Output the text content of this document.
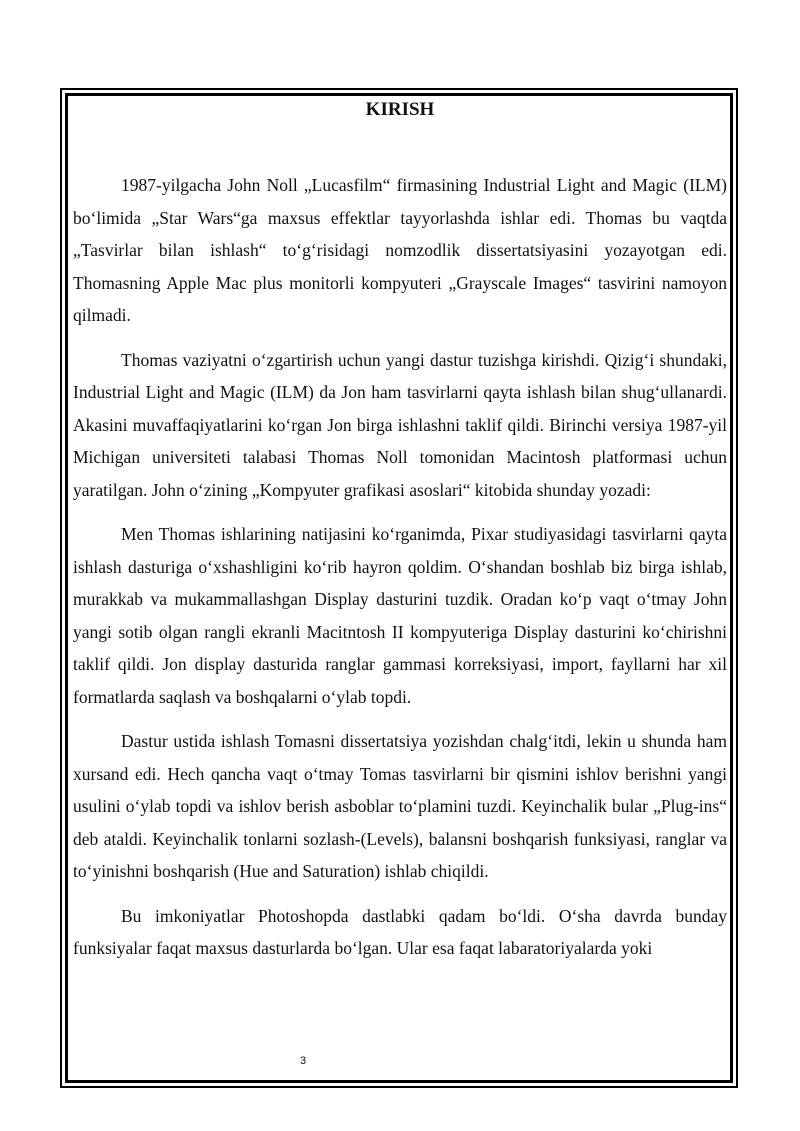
KIRISH

1987-yilgacha John Noll „Lucasfilm“ firmasining Industrial Light and Magic (ILM) bo‘limida „Star Wars“ga maxsus effektlar tayyorlashda ishlar edi. Thomas bu vaqtda „Tasvirlar bilan ishlash“ to‘g‘risidagi nomzodlik dissertatsiyasini yozayotgan edi. Thomasning Apple Mac plus monitorli kompyuteri „Grayscale Images“ tasvirini namoyon qilmadi.

Thomas vaziyatni o‘zgartirish uchun yangi dastur tuzishga kirishdi. Qizig‘i shundaki, Industrial Light and Magic (ILM) da Jon ham tasvirlarni qayta ishlash bilan shug‘ullanardi. Akasini muvaffaqiyatlarini ko‘rgan Jon birga ishlashni taklif qildi. Birinchi versiya 1987-yil Michigan universiteti talabasi Thomas Noll tomonidan Macintosh platformasi uchun yaratilgan. John o‘zining „Kompyuter grafikasi asoslari“ kitobida shunday yozadi:

Men Thomas ishlarining natijasini ko‘rganimda, Pixar studiyasidagi tasvirlarni qayta ishlash dasturiga o‘xshashligini ko‘rib hayron qoldim. O‘shandan boshlab biz birga ishlab, murakkab va mukammallashgan Display dasturini tuzdik. Oradan ko‘p vaqt o‘tmay John yangi sotib olgan rangli ekranli Macitntosh II kompyuteriga Display dasturini ko‘chirishni taklif qildi. Jon display dasturida ranglar gammasi korreksiyasi, import, fayllarni har xil formatlarda saqlash va boshqalarni o‘ylab topdi.

Dastur ustida ishlash Tomasni dissertatsiya yozishdan chalg‘itdi, lekin u shunda ham xursand edi. Hech qancha vaqt o‘tmay Tomas tasvirlarni bir qismini ishlov berishni yangi usulini o‘ylab topdi va ishlov berish asboblar to‘plamini tuzdi. Keyinchalik bular „Plug-ins“ deb ataldi. Keyinchalik tonlarni sozlash-(Levels), balansni boshqarish funksiyasi, ranglar va to‘yinishni boshqarish (Hue and Saturation) ishlab chiqildi.

Bu imkoniyatlar Photoshopda dastlabki qadam bo‘ldi. O‘sha davrda bunday funksiyalar faqat maxsus dasturlarda bo‘lgan. Ular esa faqat labaratoriyalarda yoki

3
